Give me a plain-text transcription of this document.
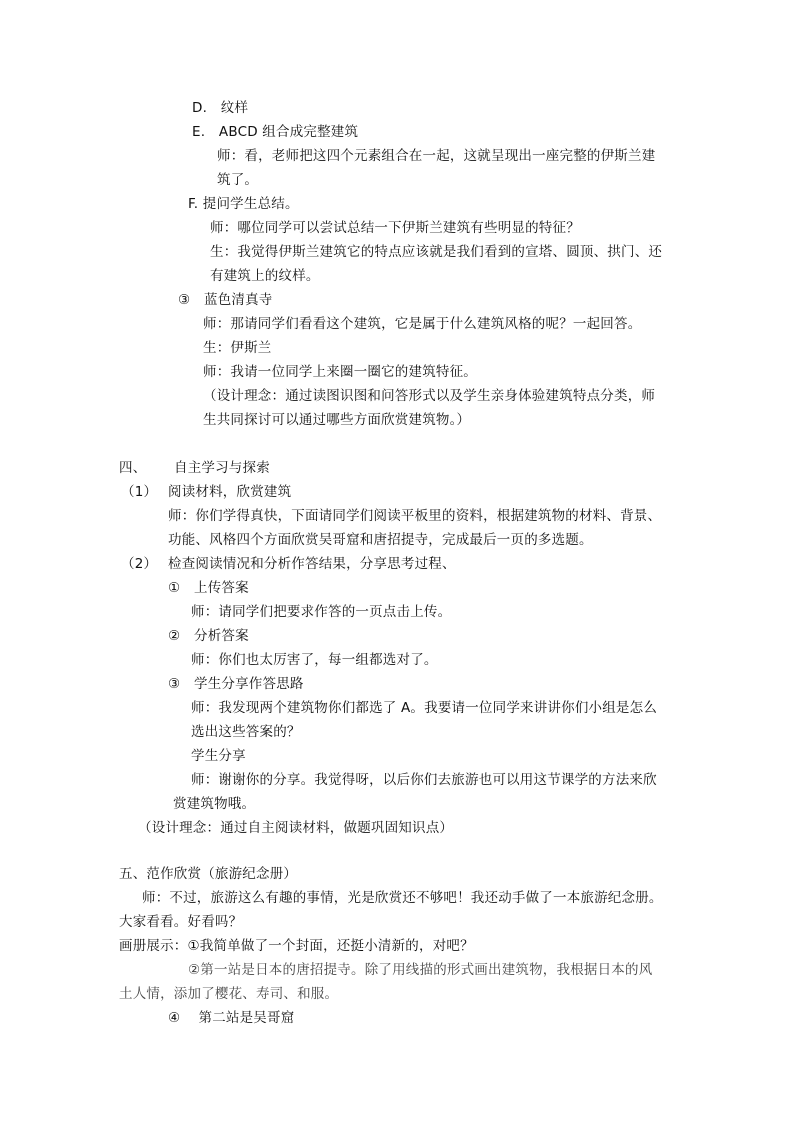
D.　纹样
E.　ABCD 组合成完整建筑
师：看，老师把这四个元素组合在一起，这就呈现出一座完整的伊斯兰建
筑了。
F. 提问学生总结。
师：哪位同学可以尝试总结一下伊斯兰建筑有些明显的特征？
生：我觉得伊斯兰建筑它的特点应该就是我们看到的宣塔、圆顶、拱门、还
有建筑上的纹样。
③　蓝色清真寺
师：那请同学们看看这个建筑，它是属于什么建筑风格的呢？一起回答。
生：伊斯兰
师：我请一位同学上来圈一圈它的建筑特征。
（设计理念：通过读图识图和问答形式以及学生亲身体验建筑特点分类，师
生共同探讨可以通过哪些方面欣赏建筑物。）
四、 自主学习与探索
（1） 阅读材料，欣赏建筑
师：你们学得真快，下面请同学们阅读平板里的资料，根据建筑物的材料、背景、
功能、风格四个方面欣赏吴哥窟和唐招提寺，完成最后一页的多选题。
（2） 检查阅读情况和分析作答结果，分享思考过程、
①　上传答案
师：请同学们把要求作答的一页点击上传。
②　分析答案
师：你们也太厉害了，每一组都选对了。
③　学生分享作答思路
师：我发现两个建筑物你们都选了 A。我要请一位同学来讲讲你们小组是怎么
选出这些答案的？
学生分享
师：谢谢你的分享。我觉得呀，以后你们去旅游也可以用这节课学的方法来欣
赏建筑物哦。
（设计理念：通过自主阅读材料，做题巩固知识点）
五、范作欣赏（旅游纪念册）
师：不过，旅游这么有趣的事情，光是欣赏还不够吧！我还动手做了一本旅游纪念册。
大家看看。好看吗？
画册展示：①我简单做了一个封面，还挺小清新的，对吧？
②第一站是日本的唐招提寺。除了用线描的形式画出建筑物，我根据日本的风
土人情，添加了樱花、寿司、和服。
④　 第二站是吴哥窟
